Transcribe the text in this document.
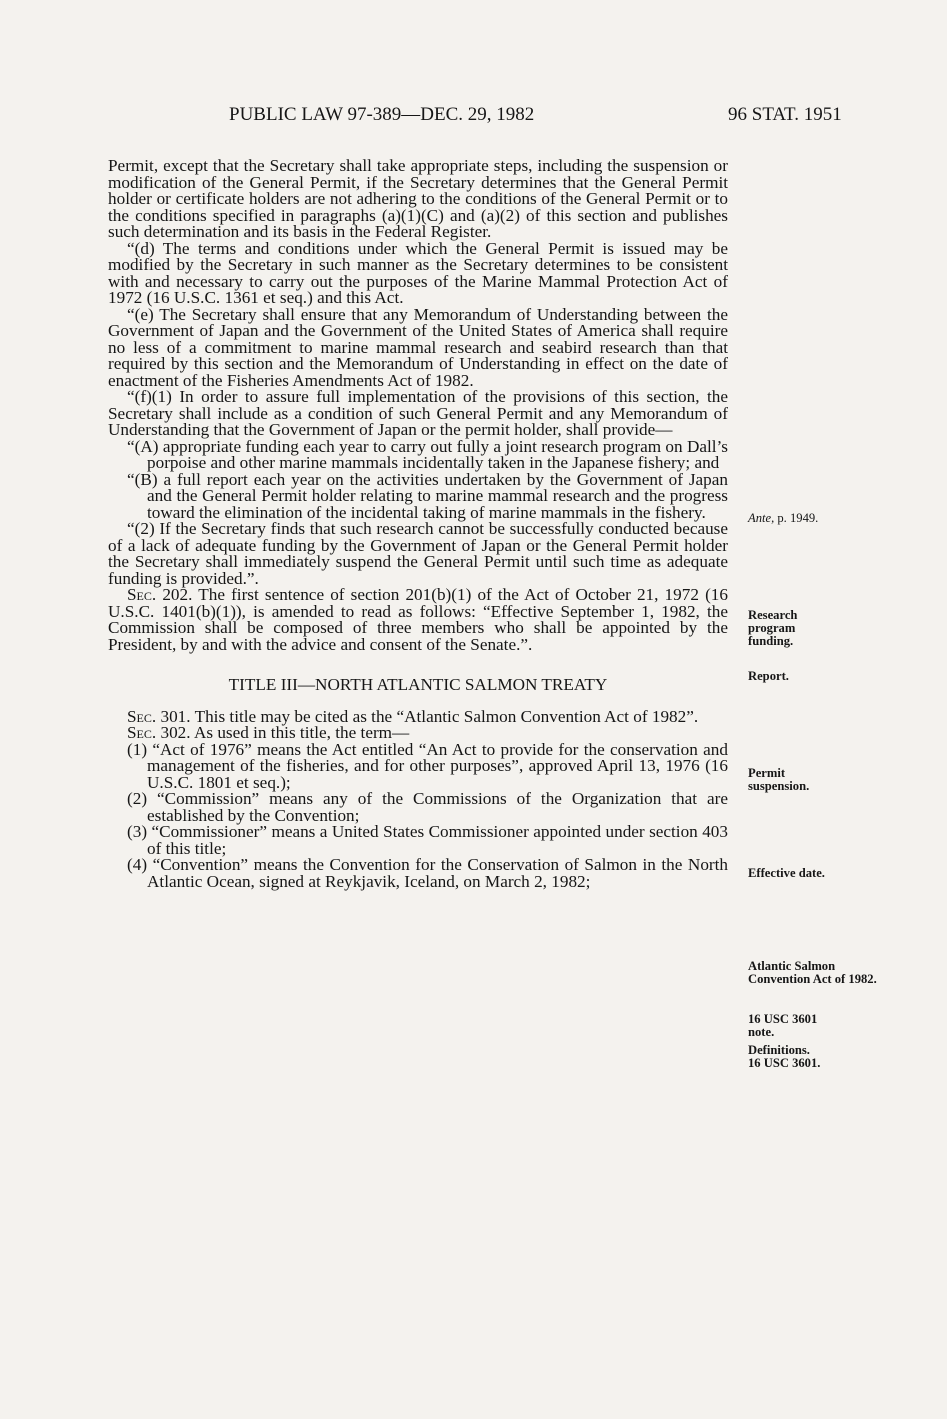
PUBLIC LAW 97-389—DEC. 29, 1982	96 STAT. 1951

Permit, except that the Secretary shall take appropriate steps, including the suspension or modification of the General Permit, if the Secretary determines that the General Permit holder or certificate holders are not adhering to the conditions of the General Permit or to the conditions specified in paragraphs (a)(1)(C) and (a)(2) of this section and publishes such determination and its basis in the Federal Register.

“(d) The terms and conditions under which the General Permit is issued may be modified by the Secretary in such manner as the Secretary determines to be consistent with and necessary to carry out the purposes of the Marine Mammal Protection Act of 1972 (16 U.S.C. 1361 et seq.) and this Act.

“(e) The Secretary shall ensure that any Memorandum of Understanding between the Government of Japan and the Government of the United States of America shall require no less of a commitment to marine mammal research and seabird research than that required by this section and the Memorandum of Understanding in effect on the date of enactment of the Fisheries Amendments Act of 1982.

“(f)(1) In order to assure full implementation of the provisions of this section, the Secretary shall include as a condition of such General Permit and any Memorandum of Understanding that the Government of Japan or the permit holder, shall provide—

“(A) appropriate funding each year to carry out fully a joint research program on Dall’s porpoise and other marine mammals incidentally taken in the Japanese fishery; and

“(B) a full report each year on the activities undertaken by the Government of Japan and the General Permit holder relating to marine mammal research and the progress toward the elimination of the incidental taking of marine mammals in the fishery.

“(2) If the Secretary finds that such research cannot be successfully conducted because of a lack of adequate funding by the Government of Japan or the General Permit holder the Secretary shall immediately suspend the General Permit until such time as adequate funding is provided.”.

Sec. 202. The first sentence of section 201(b)(1) of the Act of October 21, 1972 (16 U.S.C. 1401(b)(1)), is amended to read as follows: “Effective September 1, 1982, the Commission shall be composed of three members who shall be appointed by the President, by and with the advice and consent of the Senate.”.

TITLE III—NORTH ATLANTIC SALMON TREATY

Sec. 301. This title may be cited as the “Atlantic Salmon Convention Act of 1982”.

Sec. 302. As used in this title, the term—

(1) “Act of 1976” means the Act entitled “An Act to provide for the conservation and management of the fisheries, and for other purposes”, approved April 13, 1976 (16 U.S.C. 1801 et seq.);

(2) “Commission” means any of the Commissions of the Organization that are established by the Convention;

(3) “Commissioner” means a United States Commissioner appointed under section 403 of this title;

(4) “Convention” means the Convention for the Conservation of Salmon in the North Atlantic Ocean, signed at Reykjavik, Iceland, on March 2, 1982;

Ante, p. 1949.
Research program funding.
Report.
Permit suspension.
Effective date.
Atlantic Salmon Convention Act of 1982.
16 USC 3601 note.
Definitions.
16 USC 3601.
